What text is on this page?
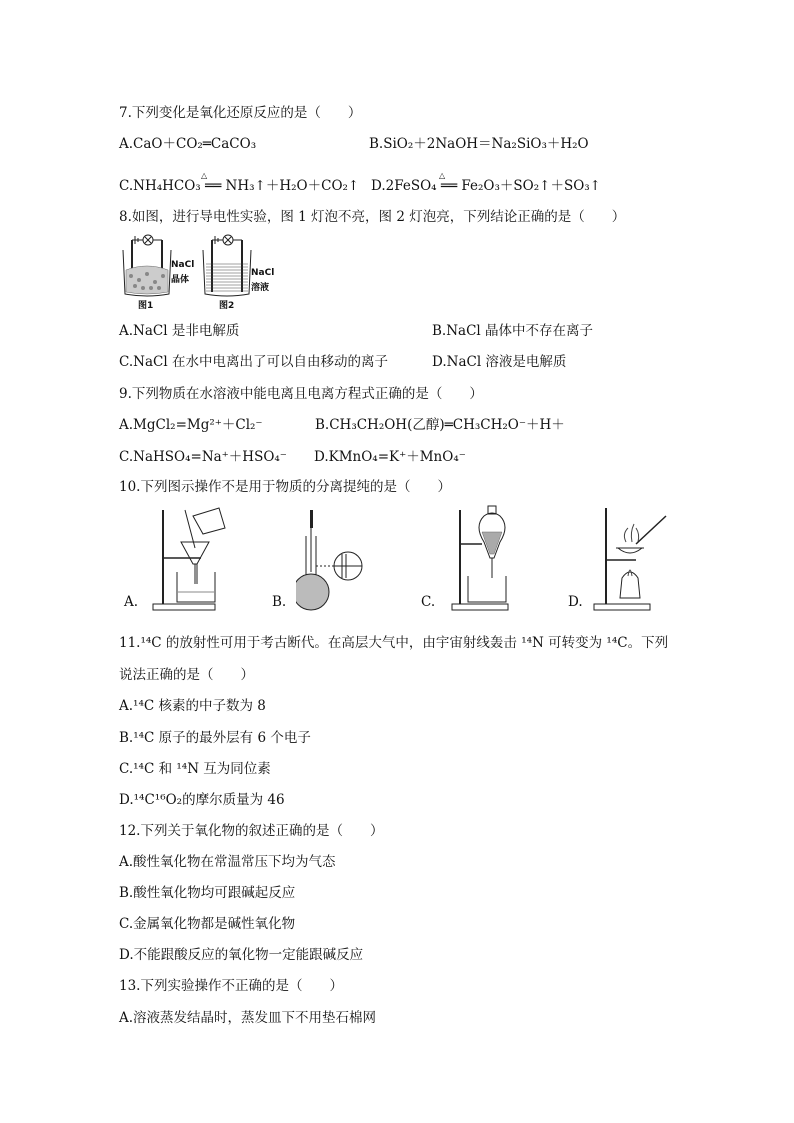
7.下列变化是氧化还原反应的是（　　）
A.CaO＋CO₂═CaCO₃	B.SiO₂＋2NaOH＝Na₂SiO₃＋H₂O
△
C.NH₄HCO₃ ══ NH₃↑＋H₂O＋CO₂↑
△
D.2FeSO₄ ══ Fe₂O₃＋SO₂↑＋SO₃↑
8.如图，进行导电性实验，图 1 灯泡不亮，图 2 灯泡亮，下列结论正确的是（　　）
NaCl
晶体
图1
NaCl
溶液
图2
A.NaCl 是非电解质	B.NaCl 晶体中不存在离子
C.NaCl 在水中电离出了可以自由移动的离子	D.NaCl 溶液是电解质
9.下列物质在水溶液中能电离且电离方程式正确的是（　　）
A.MgCl₂=Mg²⁺＋Cl₂⁻	B.CH₃CH₂OH(乙醇)═CH₃CH₂O⁻＋H＋
C.NaHSO₄=Na⁺＋HSO₄⁻ D.KMnO₄=K⁺＋MnO₄⁻
10.下列图示操作不是用于物质的分离提纯的是（　　）
A.	B.	C.	D.
11.¹⁴C 的放射性可用于考古断代。在高层大气中，由宇宙射线轰击 ¹⁴N 可转变为 ¹⁴C。下列
说法正确的是（　　）
A.¹⁴C 核素的中子数为 8
B.¹⁴C 原子的最外层有 6 个电子
C.¹⁴C 和 ¹⁴N 互为同位素
D.¹⁴C¹⁶O₂的摩尔质量为 46
12.下列关于氧化物的叙述正确的是（　　）
A.酸性氧化物在常温常压下均为气态
B.酸性氧化物均可跟碱起反应
C.金属氧化物都是碱性氧化物
D.不能跟酸反应的氧化物一定能跟碱反应
13.下列实验操作不正确的是（　　）
A.溶液蒸发结晶时，蒸发皿下不用垫石棉网
